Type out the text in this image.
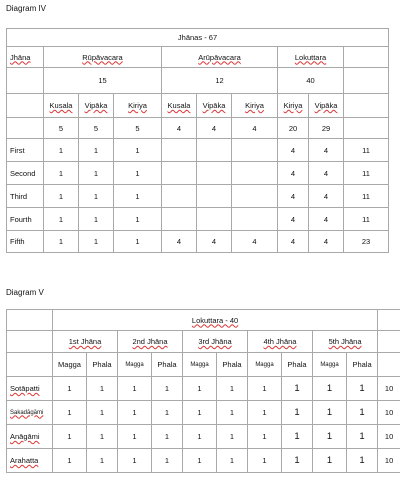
Diagram IV
Jhānas - 67									
Jhāna	Rūpāvacara			Arūpāvacara			Lokuttara		
	15			12			40		
	Kusala	Vipāka	Kiriya	Kusala	Vipāka	Kiriya	Kiriya	Vipāka	
	5	5	5	4	4	4	20	29	
First	1	1	1				4	4	11
Second	1	1	1				4	4	11
Third	1	1	1				4	4	11
Fourth	1	1	1				4	4	11
Fifth	1	1	1	4	4	4	4	4	23
Diagram V
	Lokuttara - 40										
	1st Jhāna		2nd Jhāna		3rd Jhāna		4th Jhāna		5th Jhāna		
	Magga	Phala	Magga	Phala	Magga	Phala	Magga	Phala	Magga	Phala	
Sotāpatti	1	1	1	1	1	1	1	1	1	1	10
Sakadāgāmi	1	1	1	1	1	1	1	1	1	1	10
Anāgāmi	1	1	1	1	1	1	1	1	1	1	10
Arahatta	1	1	1	1	1	1	1	1	1	1	10
